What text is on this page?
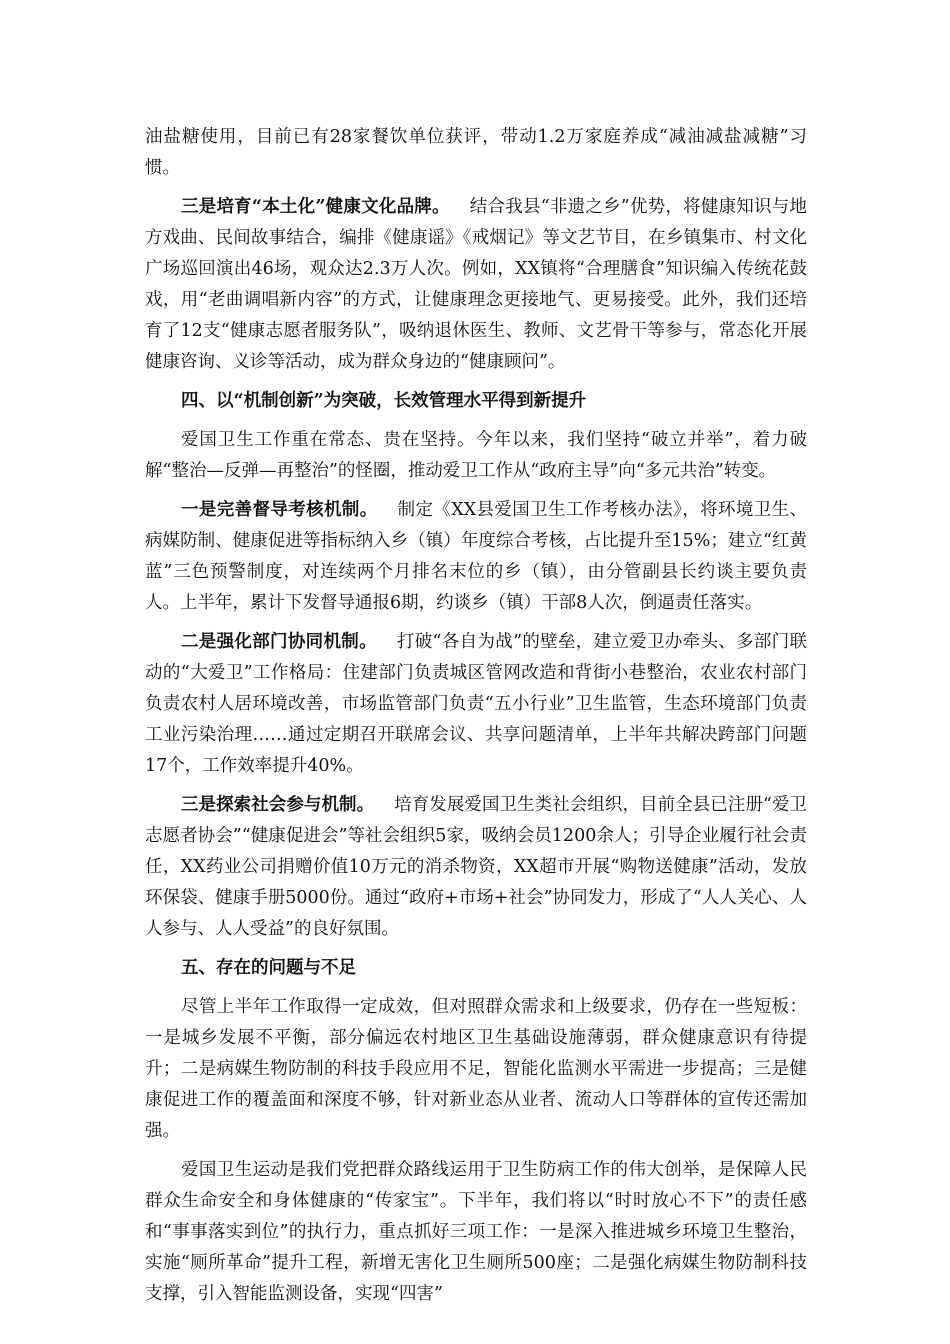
油盐糖使用，目前已有28家餐饮单位获评，带动1.2万家庭养成“减油减盐减糖”习惯。

三是培育“本土化”健康文化品牌。 结合我县“非遗之乡”优势，将健康知识与地方戏曲、民间故事结合，编排《健康谣》《戒烟记》等文艺节目，在乡镇集市、村文化广场巡回演出46场，观众达2.3万人次。例如，XX镇将“合理膳食”知识编入传统花鼓戏，用“老曲调唱新内容”的方式，让健康理念更接地气、更易接受。此外，我们还培育了12支“健康志愿者服务队”，吸纳退休医生、教师、文艺骨干等参与，常态化开展健康咨询、义诊等活动，成为群众身边的“健康顾问”。

四、以“机制创新”为突破，长效管理水平得到新提升

爱国卫生工作重在常态、贵在坚持。今年以来，我们坚持“破立并举”，着力破解“整治—反弹—再整治”的怪圈，推动爱卫工作从“政府主导”向“多元共治”转变。

一是完善督导考核机制。 制定《XX县爱国卫生工作考核办法》，将环境卫生、病媒防制、健康促进等指标纳入乡（镇）年度综合考核，占比提升至15%；建立“红黄蓝”三色预警制度，对连续两个月排名末位的乡（镇），由分管副县长约谈主要负责人。上半年，累计下发督导通报6期，约谈乡（镇）干部8人次，倒逼责任落实。

二是强化部门协同机制。 打破“各自为战”的壁垒，建立爱卫办牵头、多部门联动的“大爱卫”工作格局：住建部门负责城区管网改造和背街小巷整治，农业农村部门负责农村人居环境改善，市场监管部门负责“五小行业”卫生监管，生态环境部门负责工业污染治理……通过定期召开联席会议、共享问题清单，上半年共解决跨部门问题17个，工作效率提升40%。

三是探索社会参与机制。 培育发展爱国卫生类社会组织，目前全县已注册“爱卫志愿者协会”“健康促进会”等社会组织5家，吸纳会员1200余人；引导企业履行社会责任，XX药业公司捐赠价值10万元的消杀物资，XX超市开展“购物送健康”活动，发放环保袋、健康手册5000份。通过“政府+市场+社会”协同发力，形成了“人人关心、人人参与、人人受益”的良好氛围。

五、存在的问题与不足

尽管上半年工作取得一定成效，但对照群众需求和上级要求，仍存在一些短板：一是城乡发展不平衡，部分偏远农村地区卫生基础设施薄弱，群众健康意识有待提升；二是病媒生物防制的科技手段应用不足，智能化监测水平需进一步提高；三是健康促进工作的覆盖面和深度不够，针对新业态从业者、流动人口等群体的宣传还需加强。

爱国卫生运动是我们党把群众路线运用于卫生防病工作的伟大创举，是保障人民群众生命安全和身体健康的“传家宝”。下半年，我们将以“时时放心不下”的责任感和“事事落实到位”的执行力，重点抓好三项工作：一是深入推进城乡环境卫生整治，实施“厕所革命”提升工程，新增无害化卫生厕所500座；二是强化病媒生物防制科技支撑，引入智能监测设备，实现“四害”
